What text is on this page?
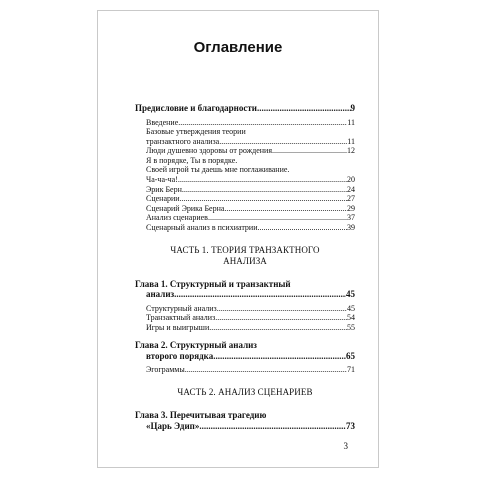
Оглавление
Предисловие и благодарности .....	9
Введение .....	11
Базовые утверждения теории
транзактного анализа .....	11
Люди душевно здоровы от рождения .....	12
Я в порядке, Ты в порядке.
Своей игрой ты даешь мне поглаживание.
Ча-ча-ча! .....	20
Эрик Берн .....	24
Сценарии .....	27
Сценарий Эрика Берна .....	29
Анализ сценариев .....	37
Сценарный анализ в психиатрии .....	39
ЧАСТЬ 1. ТЕОРИЯ ТРАНЗАКТНОГО
АНАЛИЗА
Глава 1. Структурный и транзактный
анализ .....	45
Структурный анализ .....	45
Транзактный анализ .....	54
Игры и выигрыши .....	55
Глава 2. Структурный анализ
второго порядка .....	65
Эгограммы .....	71
ЧАСТЬ 2. АНАЛИЗ СЦЕНАРИЕВ
Глава 3. Перечитывая трагедию
«Царь Эдип» .....	73
3
